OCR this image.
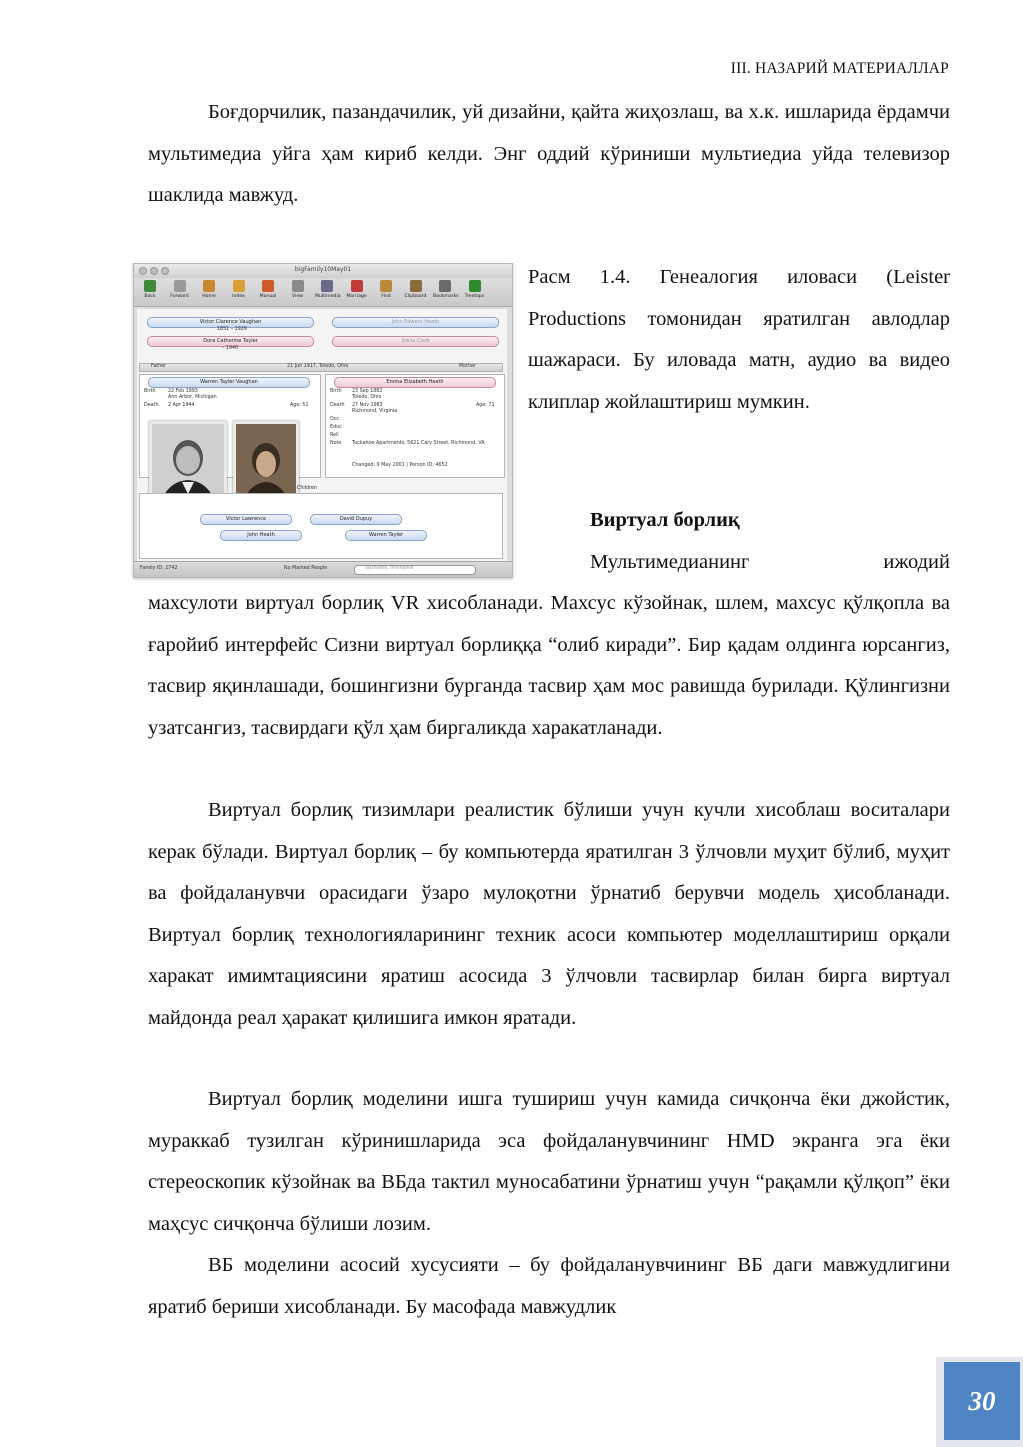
III. НАЗАРИЙ МАТЕРИАЛЛАР
Боғдорчилик, пазандачилик, уй дизайни, қайта жиҳозлаш, ва х.к. ишларида ёрдамчи мультимедиа уйга ҳам кириб келди. Энг оддий кўриниши мультиедиа уйда телевизор шаклида мавжуд.
bigFamily10May01
Back	Forward	Home	Index	Manual	View	Multimedia	Marriage	Find	Clipboard Bookmarks	Treetops
Victor Clarence Vaughan
1851 – 1929
Dora Catherine Tayler
– 1940
John Edward Heath
Stella Clark
Father	21 Jun 1917, Toledo, Ohio	Mother
Warren Tayler Vaughan
Birth	22 Feb 1893
Ann Arbor, Michigan
Death 2 Apr 1944	Age: 51
Emma Elizabeth Heath
Birth 23 Sep 1882
Toledo, Ohio
Death 27 Nov 1983
Richmond, Virginia
Age: 71
Occ
Educ
Reli
Note Tuckahoe Apartments, 5621 Cary Street, Richmond, VA
Changed: 9 May 2001 | Person ID: 4652
Children
Victor Lawrence	David Dupuy
John Heath	Warren Tayler
Family ID: 2742	No Marked People	lastname, firstname
Расм 1.4. Генеалогия иловаси (Leister Productions томонидан яратилган авлодлар шажараси. Бу иловада матн, аудио ва видео клиплар жойлаштириш мумкин.
Виртуал борлиқ
Мультимедианинг	ижодий
махсулоти виртуал борлиқ VR хисобланади. Махсус кўзойнак, шлем, махсус қўлқопла ва ғаройиб интерфейс Сизни виртуал борлиққа “олиб киради”. Бир қадам олдинга юрсангиз, тасвир яқинлашади, бошингизни бурганда тасвир ҳам мос равишда бурилади. Қўлингизни узатсангиз, тасвирдаги қўл ҳам биргаликда харакатланади.
Виртуал борлиқ тизимлари реалистик бўлиши учун кучли хисоблаш воситалари керак бўлади. Виртуал борлиқ – бу компьютерда яратилган 3 ўлчовли муҳит бўлиб, муҳит ва фойдаланувчи орасидаги ўзаро мулоқотни ўрнатиб берувчи модель ҳисобланади. Виртуал борлиқ технологияларининг техник асоси компьютер моделлаштириш орқали харакат имимтациясини яратиш асосида 3 ўлчовли тасвирлар билан бирга виртуал майдонда реал ҳаракат қилишига имкон яратади.
Виртуал борлиқ моделини ишга тушириш учун камида сичқонча ёки джойстик, мураккаб тузилган кўринишларида эса фойдаланувчининг HMD экранга эга ёки стереоскопик кўзойнак ва ВБда тактил муносабатини ўрнатиш учун “рақамли қўлқоп” ёки маҳсус сичқонча бўлиши лозим.
ВБ моделини асосий хусусияти – бу фойдаланувчининг ВБ даги мавжудлигини яратиб бериши хисобланади. Бу масофада мавжудлик
30
